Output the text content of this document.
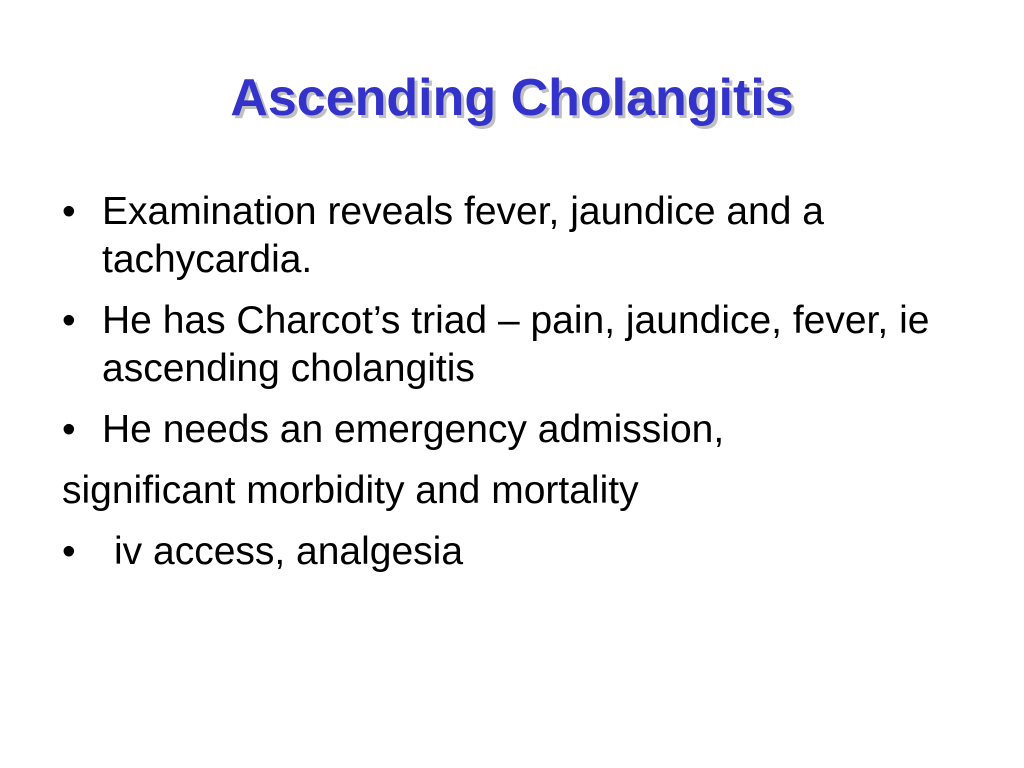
Ascending Cholangitis
• Examination reveals fever, jaundice and a tachycardia.
• He has Charcot’s triad – pain, jaundice, fever, ie ascending cholangitis
• He needs an emergency admission,
significant morbidity and mortality
• iv access, analgesia
